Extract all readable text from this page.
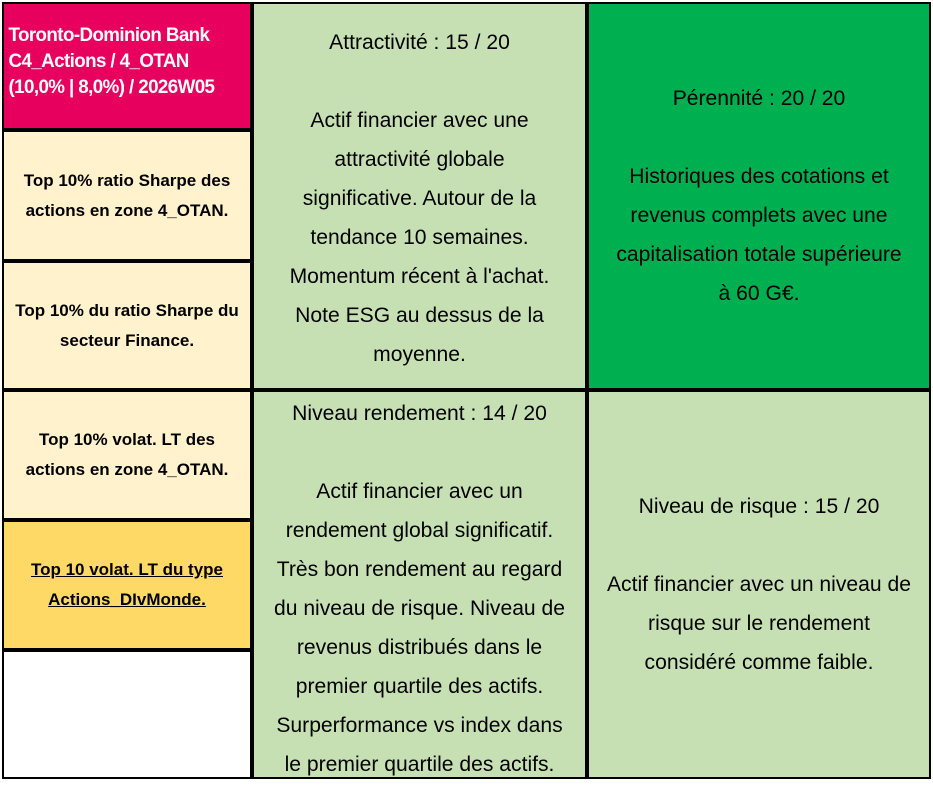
Toronto-Dominion Bank
C4_Actions / 4_OTAN
(10,0% | 8,0%) / 2026W05
Top 10% ratio Sharpe des
actions en zone 4_OTAN.
Top 10% du ratio Sharpe du
secteur Finance.
Top 10% volat. LT des
actions en zone 4_OTAN.
Top 10 volat. LT du type
Actions_DIvMonde.
Attractivité : 15 / 20
Actif financier avec une
attractivité globale
significative. Autour de la
tendance 10 semaines.
Momentum récent à l'achat.
Note ESG au dessus de la
moyenne.
Pérennité : 20 / 20
Historiques des cotations et
revenus complets avec une
capitalisation totale supérieure
à 60 G€.
Niveau rendement : 14 / 20
Actif financier avec un
rendement global significatif.
Très bon rendement au regard
du niveau de risque. Niveau de
revenus distribués dans le
premier quartile des actifs.
Surperformance vs index dans
le premier quartile des actifs.
Niveau de risque : 15 / 20
Actif financier avec un niveau de
risque sur le rendement
considéré comme faible.
